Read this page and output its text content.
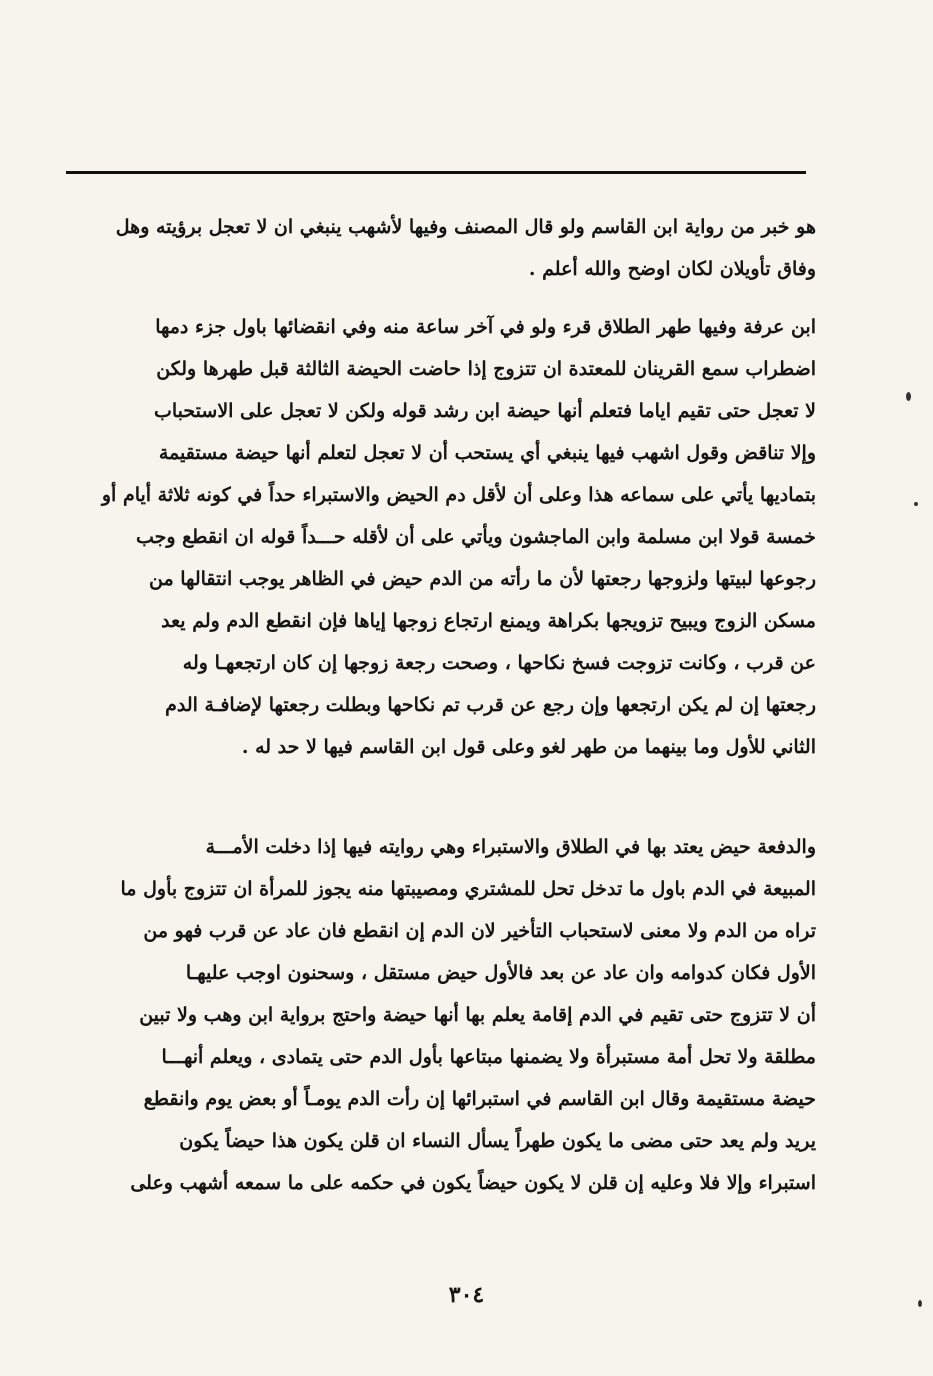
هو خبر من رواية ابن القاسم ولو قال المصنف وفيها لأشهب ينبغي ان لا تعجل برؤيته وهل
وفاق تأويلان لكان اوضح والله أعلم .
ابن عرفة وفيها طهر الطلاق قرء ولو في آخر ساعة منه وفي انقضائها باول جزء دمها
اضطراب سمع القرينان للمعتدة ان تتزوج إذا حاضت الحيضة الثالثة قبل طهرها ولكن
لا تعجل حتى تقيم اياما فتعلم أنها حيضة ابن رشد قوله ولكن لا تعجل على الاستحباب
وإلا تناقض وقول اشهب فيها ينبغي أي يستحب أن لا تعجل لتعلم أنها حيضة مستقيمة
بتماديها يأتي على سماعه هذا وعلى أن لأقل دم الحيض والاستبراء حداً في كونه ثلاثة أيام أو
خمسة قولا ابن مسلمة وابن الماجشون ويأتي على أن لأقله حـــداً قوله ان انقطع وجب
رجوعها لبيتها ولزوجها رجعتها لأن ما رأته من الدم حيض في الظاهر يوجب انتقالها من
مسكن الزوج ويبيح تزويجها بكراهة ويمنع ارتجاع زوجها إياها فإن انقطع الدم ولم يعد
عن قرب ، وكانت تزوجت فسخ نكاحها ، وصحت رجعة زوجها إن كان ارتجعهـا وله
رجعتها إن لم يكن ارتجعها وإن رجع عن قرب تم نكاحها وبطلت رجعتها لإضافـة الدم
الثاني للأول وما بينهما من طهر لغو وعلى قول ابن القاسم فيها لا حد له .
والدفعة حيض يعتد بها في الطلاق والاستبراء وهي روايته فيها إذا دخلت الأمـــة
المبيعة في الدم باول ما تدخل تحل للمشتري ومصيبتها منه يجوز للمرأة ان تتزوج بأول ما
تراه من الدم ولا معنى لاستحباب التأخير لان الدم إن انقطع فان عاد عن قرب فهو من
الأول فكان كدوامه وان عاد عن بعد فالأول حيض مستقل ، وسحنون اوجب عليهـا
أن لا تتزوج حتى تقيم في الدم إقامة يعلم بها أنها حيضة واحتج برواية ابن وهب ولا تبين
مطلقة ولا تحل أمة مستبرأة ولا يضمنها مبتاعها بأول الدم حتى يتمادى ، ويعلم أنهـــا
حيضة مستقيمة وقال ابن القاسم في استبرائها إن رأت الدم يومـاً أو بعض يوم وانقطع
يريد ولم يعد حتى مضى ما يكون طهراً يسأل النساء ان قلن يكون هذا حيضاً يكون
استبراء وإلا فلا وعليه إن قلن لا يكون حيضاً يكون في حكمه على ما سمعه أشهب وعلى
٣٠٤
